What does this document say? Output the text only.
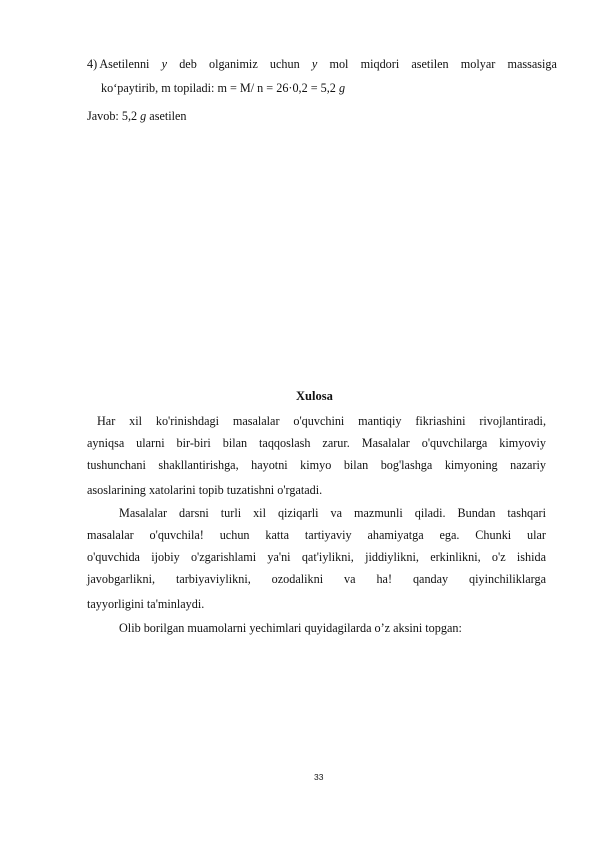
4) Asetilenni y deb olganimiz uchun y mol miqdori asetilen molyar massasiga
ko‘paytirib, m topiladi: m = M/ n = 26·0,2 = 5,2 g
Javob: 5,2 g asetilen
Xulosa
Har xil ko'rinishdagi masalalar o'quvchini mantiqiy fikriashini rivojlantiradi,
ayniqsa ularni bir-biri bilan taqqoslash zarur. Masalalar o'quvchilarga kimyoviy
tushunchani shakllantirishga, hayotni kimyo bilan bog'lashga kimyoning nazariy
asoslarining xatolarini topib tuzatishni o'rgatadi.
Masalalar darsni turli xil qiziqarli va mazmunli qiladi. Bundan tashqari
masalalar o'quvchila! uchun katta tartiyaviy ahamiyatga ega. Chunki ular
o'quvchida ijobiy o'zgarishlami ya'ni qat'iylikni, jiddiylikni, erkinlikni, o'z ishida
javobgarlikni, tarbiyaviylikni, ozodalikni va ha! qanday qiyinchiliklarga
tayyorligini ta'minlaydi.
Olib borilgan muamolarni yechimlari quyidagilarda o’z aksini topgan:
33
